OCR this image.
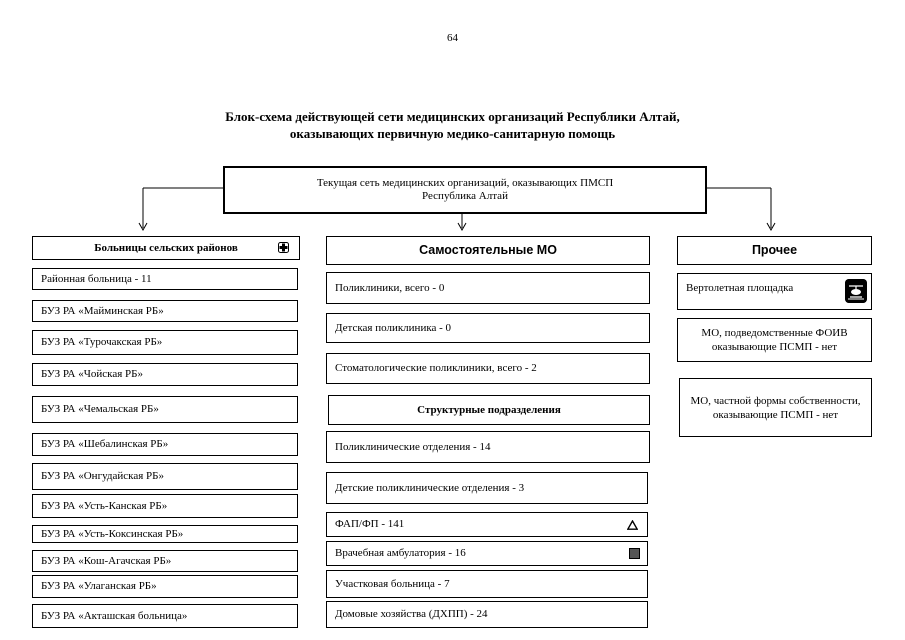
64
Блок-схема действующей сети медицинских организаций Республики Алтай,
оказывающих первичную медико-санитарную помощь
Текущая сеть медицинских организаций, оказывающих ПМСП
Республика Алтай
Больницы сельских районов
Районная больница - 11
БУЗ РА «Майминская РБ»
БУЗ РА «Турочакская РБ»
БУЗ РА «Чойская РБ»
БУЗ РА «Чемальская РБ»
БУЗ РА «Шебалинская РБ»
БУЗ РА «Онгудайская РБ»
БУЗ РА «Усть-Канская РБ»
БУЗ РА «Усть-Коксинская РБ»
БУЗ РА «Кош-Агачская РБ»
БУЗ РА «Улаганская РБ»
БУЗ РА «Акташская больница»
Самостоятельные МО
Поликлиники, всего - 0
Детская поликлиника - 0
Стоматологические поликлиники, всего - 2
Структурные подразделения
Поликлинические отделения - 14
Детские поликлинические отделения - 3
ФАП/ФП - 141
Врачебная амбулатория - 16
Участковая больница - 7
Домовые хозяйства (ДХПП) - 24
Прочее
Вертолетная площадка
МО, подведомственные ФОИВ оказывающие ПСМП - нет
МО, частной формы собственности, оказывающие ПСМП - нет
